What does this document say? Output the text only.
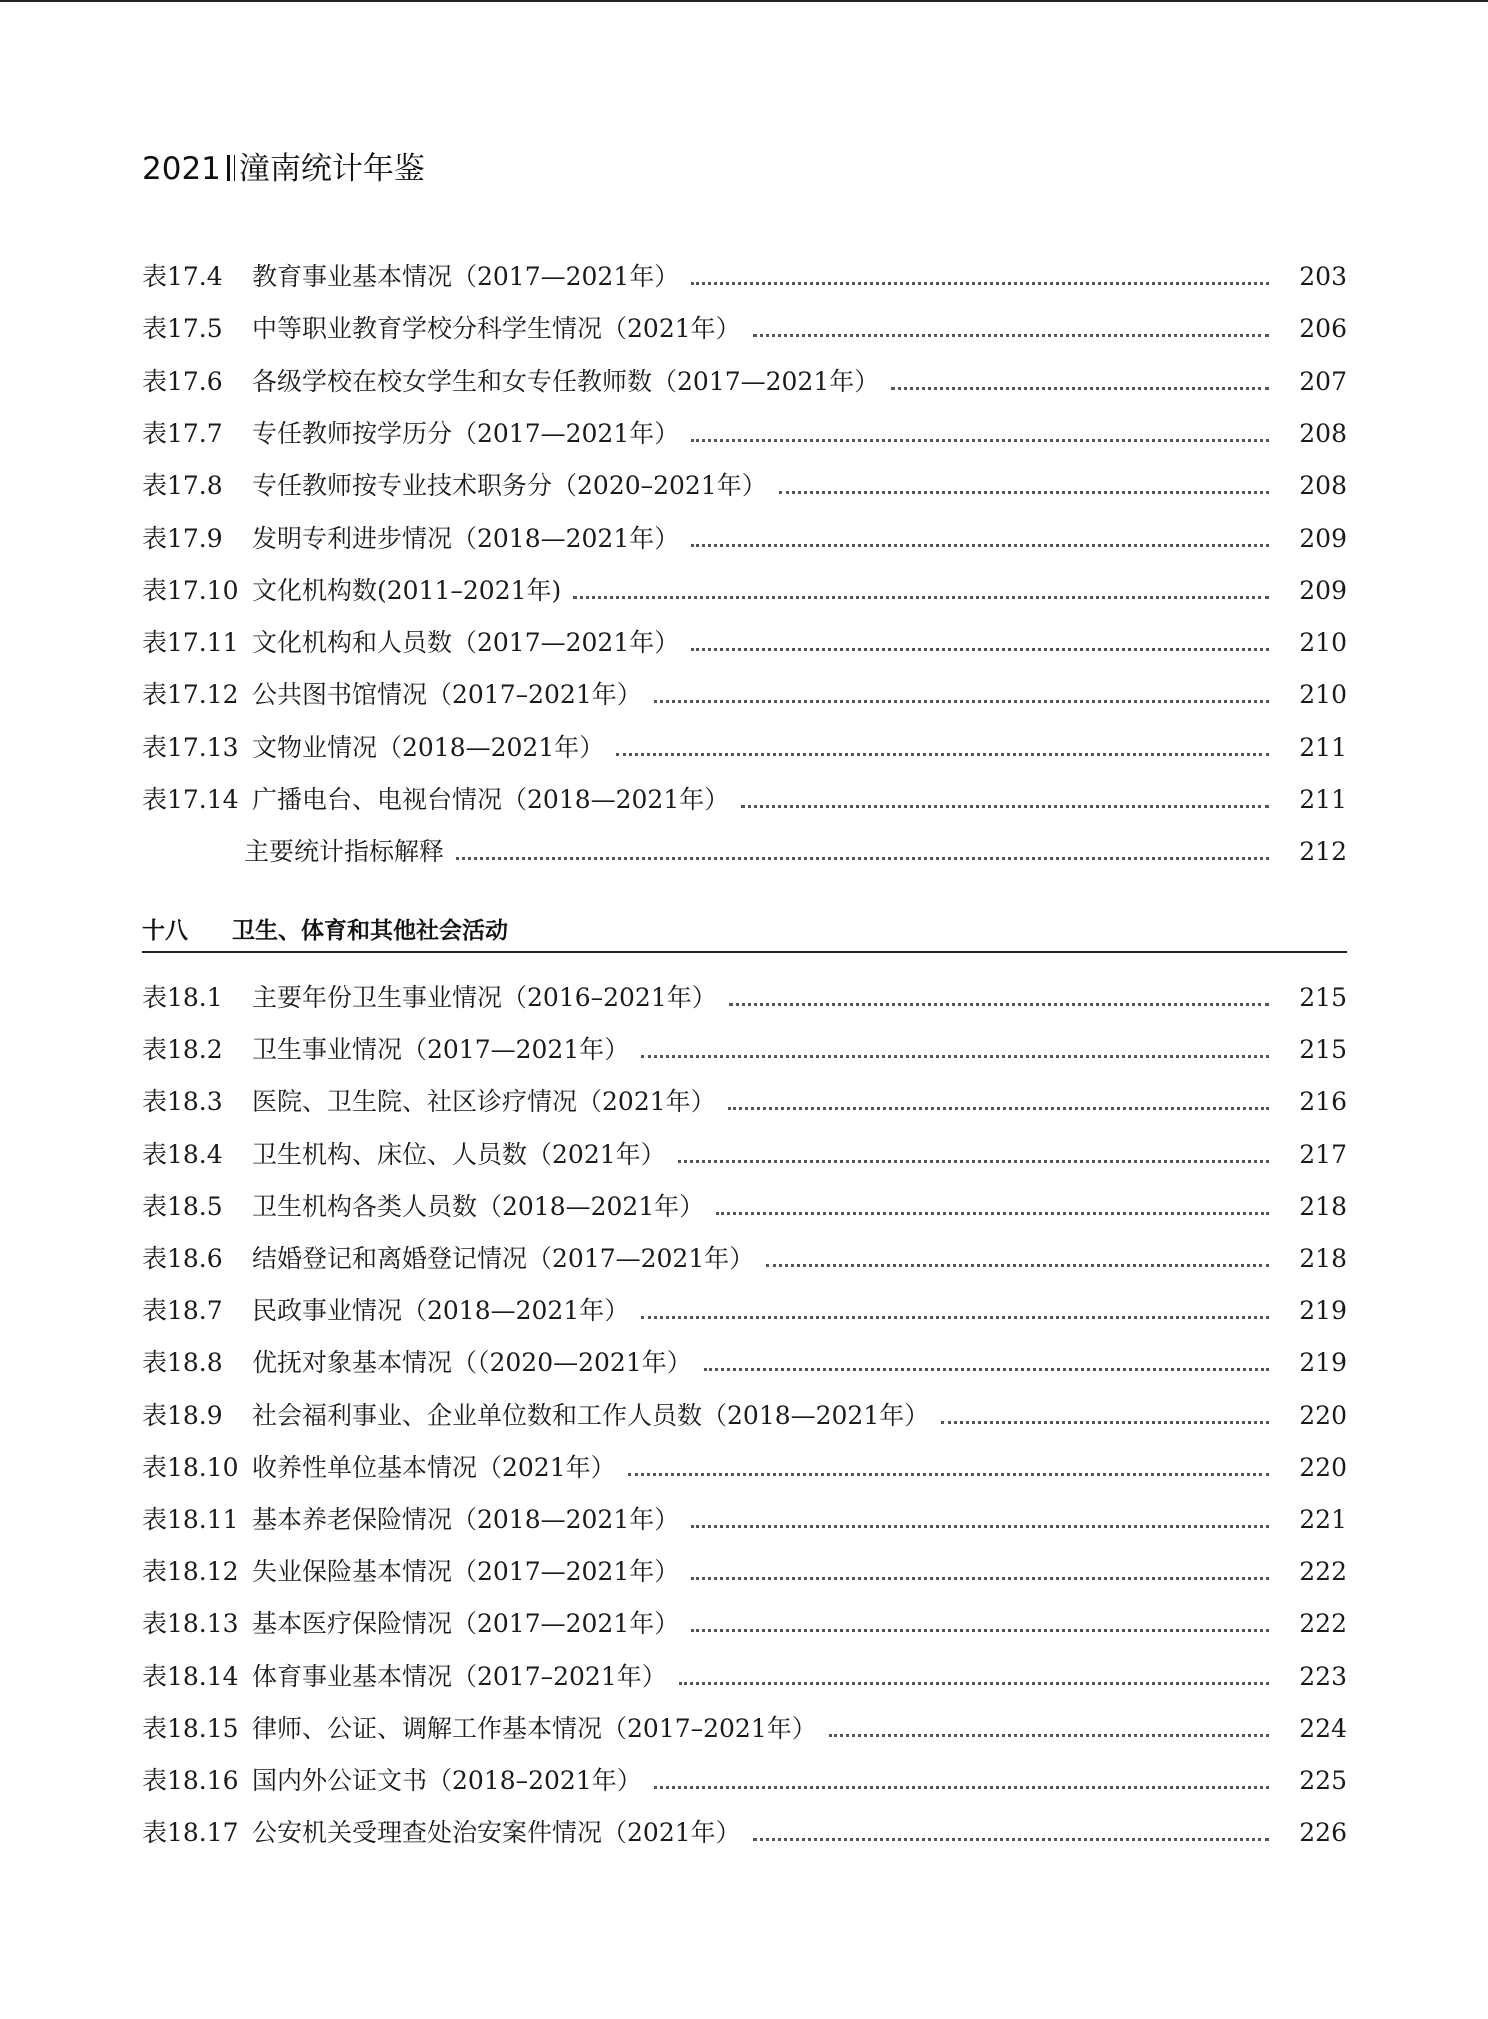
2021 潼南统计年鉴
表17.4	教育事业基本情况（2017—2021年）	203
表17.5	中等职业教育学校分科学生情况（2021年）	206
表17.6	各级学校在校女学生和女专任教师数（2017—2021年）	207
表17.7	专任教师按学历分（2017—2021年）	208
表17.8	专任教师按专业技术职务分（2020–2021年）	208
表17.9	发明专利进步情况（2018—2021年）	209
表17.10 文化机构数(2011–2021年)	209
表17.11 文化机构和人员数（2017—2021年）	210
表17.12 公共图书馆情况（2017–2021年）	210
表17.13 文物业情况（2018—2021年）	211
表17.14 广播电台、电视台情况（2018—2021年）	211
主要统计指标解释	212
十八 卫生、体育和其他社会活动
表18.1	主要年份卫生事业情况（2016–2021年）	215
表18.2	卫生事业情况（2017—2021年）	215
表18.3	医院、卫生院、社区诊疗情况（2021年）	216
表18.4	卫生机构、床位、人员数（2021年）	217
表18.5	卫生机构各类人员数（2018—2021年）	218
表18.6	结婚登记和离婚登记情况（2017—2021年）	218
表18.7	民政事业情况（2018—2021年）	219
表18.8	优抚对象基本情况（（2020—2021年）	219
表18.9	社会福利事业、企业单位数和工作人员数（2018—2021年）	220
表18.10 收养性单位基本情况（2021年）	220
表18.11 基本养老保险情况（2018—2021年）	221
表18.12 失业保险基本情况（2017—2021年）	222
表18.13 基本医疗保险情况（2017—2021年）	222
表18.14 体育事业基本情况（2017–2021年）	223
表18.15 律师、公证、调解工作基本情况（2017–2021年）	224
表18.16 国内外公证文书（2018–2021年）	225
表18.17 公安机关受理查处治安案件情况（2021年）	226
